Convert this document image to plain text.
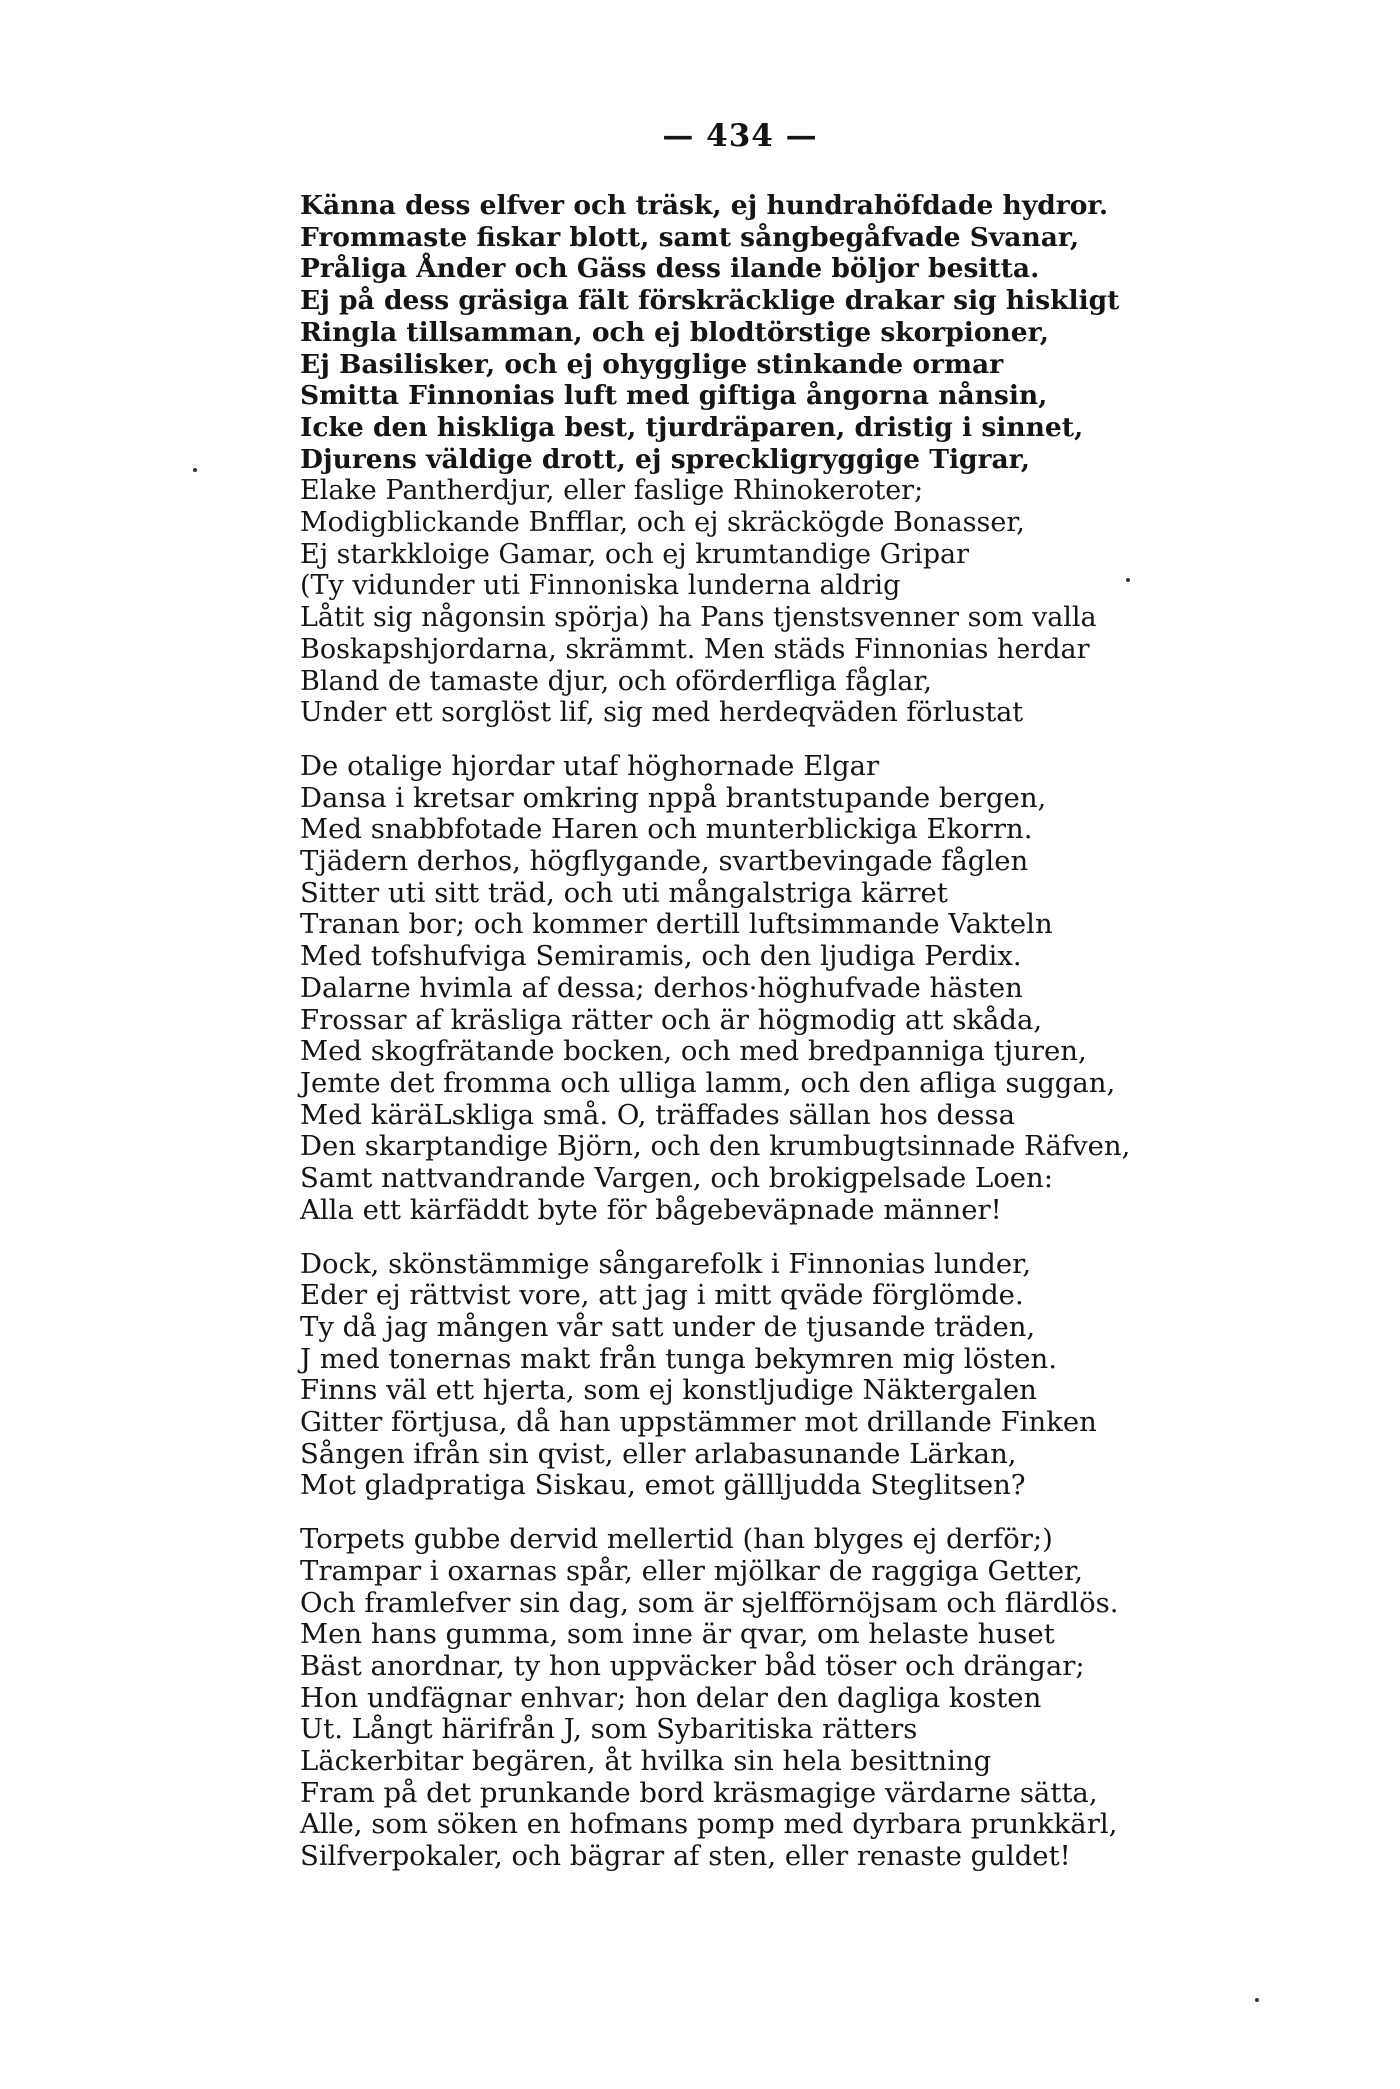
— 434 —
Känna dess elfver och träsk, ej hundrahöfdade hydror.
Frommaste fiskar blott, samt sångbegåfvade Svanar,
Pråliga Ånder och Gäss dess ilande böljor besitta.
Ej på dess gräsiga fält förskräcklige drakar sig hiskligt
Ringla tillsamman, och ej blodtörstige skorpioner,
Ej Basilisker, och ej ohygglige stinkande ormar
Smitta Finnonias luft med giftiga ångorna nånsin,
Icke den hiskliga best, tjurdräparen, dristig i sinnet,
Djurens väldige drott, ej spreckligryggige Tigrar,
Elake Pantherdjur, eller faslige Rhinokeroter;
Modigblickande Bnfflar, och ej skräckögde Bonasser,
Ej starkkloige Gamar, och ej krumtandige Gripar
(Ty vidunder uti Finnoniska lunderna aldrig
Låtit sig någonsin spörja) ha Pans tjenstsvenner som valla
Boskapshjordarna, skrämmt. Men städs Finnonias herdar
Bland de tamaste djur, och oförderfliga fåglar,
Under ett sorglöst lif, sig med herdeqväden förlustat
De otalige hjordar utaf höghornade Elgar
Dansa i kretsar omkring nppå brantstupande bergen,
Med snabbfotade Haren och munterblickiga Ekorrn.
Tjädern derhos, högflygande, svartbevingade fåglen
Sitter uti sitt träd, och uti mångalstriga kärret
Tranan bor; och kommer dertill luftsimmande Vakteln
Med tofshufviga Semiramis, och den ljudiga Perdix.
Dalarne hvimla af dessa; derhos·höghufvade hästen
Frossar af kräsliga rätter och är högmodig att skåda,
Med skogfrätande bocken, och med bredpanniga tjuren,
Jemte det fromma och ulliga lamm, och den afliga suggan,
Med käräLskliga små. O, träffades sällan hos dessa
Den skarptandige Björn, och den krumbugtsinnade Räfven,
Samt nattvandrande Vargen, och brokigpelsade Loen:
Alla ett kärfäddt byte för bågebeväpnade männer!
Dock, skönstämmige sångarefolk i Finnonias lunder,
Eder ej rättvist vore, att jag i mitt qväde förglömde.
Ty då jag mången vår satt under de tjusande träden,
J med tonernas makt från tunga bekymren mig lösten.
Finns väl ett hjerta, som ej konstljudige Näktergalen
Gitter förtjusa, då han uppstämmer mot drillande Finken
Sången ifrån sin qvist, eller arlabasunande Lärkan,
Mot gladpratiga Siskau, emot gällljudda Steglitsen?
Torpets gubbe dervid mellertid (han blyges ej derför;)
Trampar i oxarnas spår, eller mjölkar de raggiga Getter,
Och framlefver sin dag, som är sjelfförnöjsam och flärdlös.
Men hans gumma, som inne är qvar, om helaste huset
Bäst anordnar, ty hon uppväcker båd töser och drängar;
Hon undfägnar enhvar; hon delar den dagliga kosten
Ut. Långt härifrån J, som Sybaritiska rätters
Läckerbitar begären, åt hvilka sin hela besittning
Fram på det prunkande bord kräsmagige värdarne sätta,
Alle, som söken en hofmans pomp med dyrbara prunkkärl,
Silfverpokaler, och bägrar af sten, eller renaste guldet!
